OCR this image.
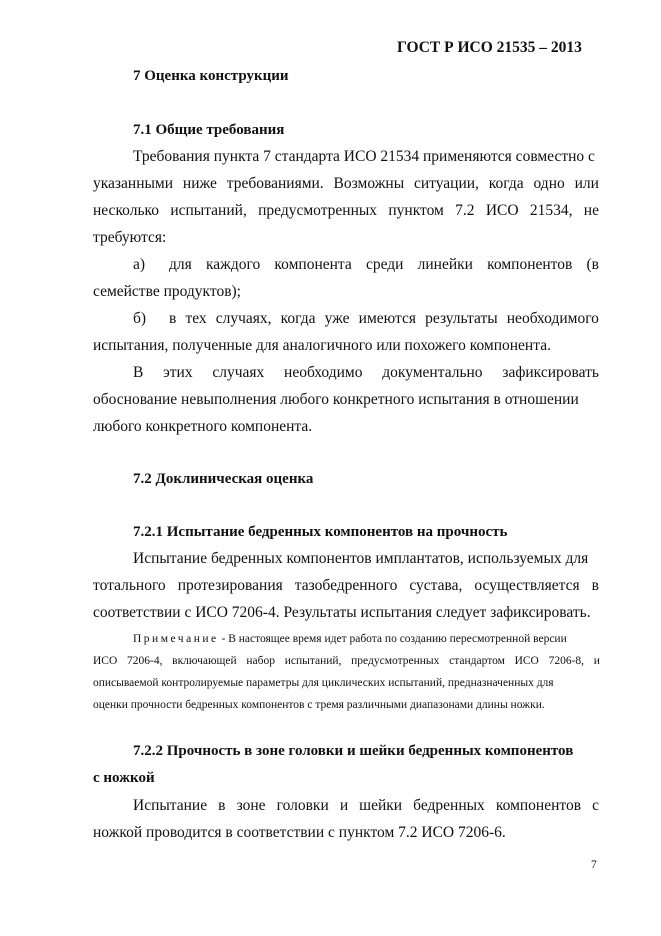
ГОСТ Р ИСО 21535 – 2013
7 Оценка конструкции
7.1 Общие требования
Требования пункта 7 стандарта ИСО 21534 применяются совместно с
указанными ниже требованиями. Возможны ситуации, когда одно или
несколько испытаний, предусмотренных пунктом 7.2 ИСО 21534, не
требуются:
а) для каждого компонента среди линейки компонентов (в
семействе продуктов);
б) в тех случаях, когда уже имеются результаты необходимого
испытания, полученные для аналогичного или похожего компонента.
В этих случаях необходимо документально зафиксировать
обоснование невыполнения любого конкретного испытания в отношении
любого конкретного компонента.
7.2 Доклиническая оценка
7.2.1 Испытание бедренных компонентов на прочность
Испытание бедренных компонентов имплантатов, используемых для
тотального протезирования тазобедренного сустава, осуществляется в
соответствии с ИСО 7206-4. Результаты испытания следует зафиксировать.
Примечание - В настоящее время идет работа по созданию пересмотренной версии
ИСО 7206-4, включающей набор испытаний, предусмотренных стандартом ИСО 7206-8, и
описываемой контролируемые параметры для циклических испытаний, предназначенных для
оценки прочности бедренных компонентов с тремя различными диапазонами длины ножки.
7.2.2 Прочность в зоне головки и шейки бедренных компонентов
с ножкой
Испытание в зоне головки и шейки бедренных компонентов с
ножкой проводится в соответствии с пунктом 7.2 ИСО 7206-6.
7
